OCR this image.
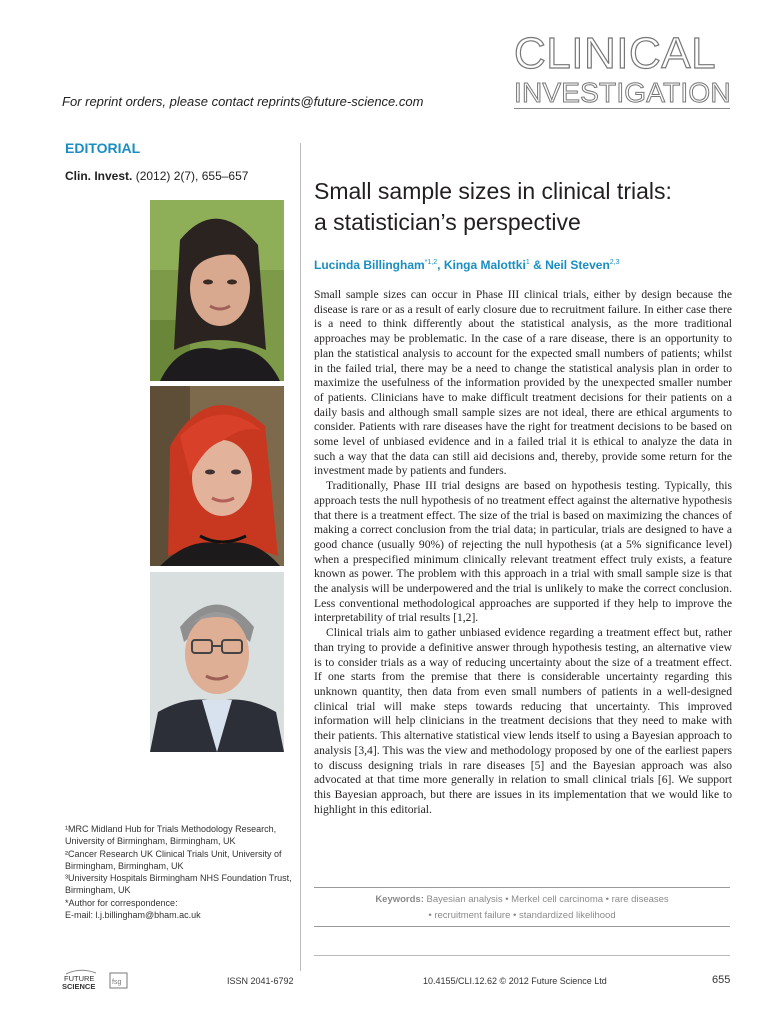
For reprint orders, please contact reprints@future-science.com
CLINICAL
INVESTIGATION
EDITORIAL
Clin. Invest. (2012) 2(7), 655–657

¹MRC Midland Hub for Trials Methodology Research, University of Birmingham, Birmingham, UK

²Cancer Research UK Clinical Trials Unit, University of Birmingham, Birmingham, UK

³University Hospitals Birmingham NHS Foundation Trust, Birmingham, UK

*Author for correspondence:

E-mail: l.j.billingham@bham.ac.uk

Small sample sizes in clinical trials:
a statistician’s perspective
Lucinda Billingham$^{*1,2}$, Kinga Malottki$^1$ & Neil Steven$^{2,3}$

Small sample sizes can occur in Phase III clinical trials, either by design because the disease is rare or as a result of early closure due to recruitment failure. In either case there is a need to think differently about the statistical analysis, as the more traditional approaches may be problematic. In the case of a rare disease, there is an opportunity to plan the statistical analysis to account for the expected small numbers of patients; whilst in the failed trial, there may be a need to change the statistical analysis plan in order to maximize the usefulness of the information provided by the unexpected smaller number of patients. Clinicians have to make difficult treatment decisions for their patients on a daily basis and although small sample sizes are not ideal, there are ethical arguments to consider. Patients with rare diseases have the right for treatment decisions to be based on some level of unbiased evidence and in a failed trial it is ethical to analyze the data in such a way that the data can still aid decisions and, thereby, provide some return for the investment made by patients and funders.

Traditionally, Phase III trial designs are based on hypothesis testing. Typically, this approach tests the null hypothesis of no treatment effect against the alternative hypothesis that there is a treatment effect. The size of the trial is based on maximizing the chances of making a correct conclusion from the trial data; in particular, trials are designed to have a good chance (usually 90%) of rejecting the null hypothesis (at a 5% significance level) when a prespecified minimum clinically relevant treatment effect truly exists, a feature known as power. The problem with this approach in a trial with small sample size is that the analysis will be underpowered and the trial is unlikely to make the correct conclusion. Less conventional methodological approaches are supported if they help to improve the interpretability of trial results [1,2].

Clinical trials aim to gather unbiased evidence regarding a treatment effect but, rather than trying to provide a definitive answer through hypothesis testing, an alternative view is to consider trials as a way of reducing uncertainty about the size of a treatment effect. If one starts from the premise that there is considerable uncertainty regarding this unknown quantity, then data from even small numbers of patients in a well-designed clinical trial will make steps towards reducing that uncertainty. This improved information will help clinicians in the treatment decisions that they need to make with their patients. This alternative statistical view lends itself to using a Bayesian approach to analysis [3,4]. This was the view and methodology proposed by one of the earliest papers to discuss designing trials in rare diseases [5] and the Bayesian approach was also advocated at that time more generally in relation to small clinical trials [6]. We support this Bayesian approach, but there are issues in its implementation that we would like to highlight in this editorial.

Keywords: Bayesian analysis • Merkel cell carcinoma • rare diseases
• recruitment failure • standardized likelihood
FUTURE
SCIENCE fsg	ISSN 2041-6792	10.4155/CLI.12.62 © 2012 Future Science Ltd	655
